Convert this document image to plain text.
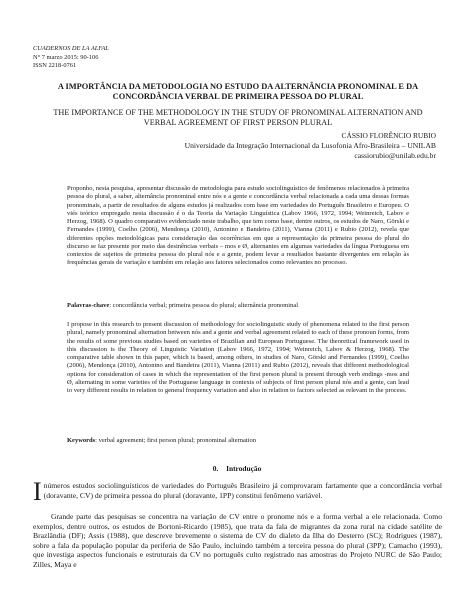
CUADERNOS DE LA ALFAL
N° 7 marzo 2015: 90-106
ISSN 2218-0761
A IMPORTÂNCIA DA METODOLOGIA NO ESTUDO DA ALTERNÂNCIA PRONOMINAL E DA CONCORDÂNCIA VERBAL DE PRIMEIRA PESSOA DO PLURAL
THE IMPORTANCE OF THE METHODOLOGY IN THE STUDY OF PRONOMINAL ALTERNATION AND VERBAL AGREEMENT OF FIRST PERSON PLURAL
CÁSSIO FLORÊNCIO RUBIO
Universidade da Integração Internacional da Lusofonia Afro-Brasileira – UNILAB
cassiorubio@unilab.edu.br
Proponho, nesta pesquisa, apresentar discussão de metodologia para estudo sociolinguístico de fenômenos relacionados à primeira pessoa do plural, a saber, alternância pronominal entre nós e a gente e concordância verbal relacionada a cada uma dessas formas pronominais, a partir de resultados de alguns estudos já realizados com base em variedades do Português Brasileiro e Europeu. O viés teórico empregado nesta discussão é o da Teoria da Variação Linguística (Labov 1966, 1972, 1994; Weinreich, Labov e Herzog, 1968). O quadro comparativo evidenciado neste trabalho, que tem como base, dentre outros, os estudos de Naro, Görski e Fernandes (1999), Coelho (2006), Mendonça (2010), Antonino e Bandeira (2011), Vianna (2011) e Rubio (2012), revela que diferentes opções metodológicas para consideração das ocorrências em que a representação da primeira pessoa do plural do discurso se faz presente por meio das desinências verbais – mos e Ø, alternantes em algumas variedades da língua Portuguesa em contextos de sujeitos de primeira pessoa do plural nós e a gente, podem levar a resultados bastante divergentes em relação às frequências gerais de variação e também em relação aos fatores selecionados como relevantes no processo.
Palavras-chave: concordância verbal; primeira pessoa do plural; alternância pronominal
I propose in this research to present discussion of methodology for sociolinguistic study of phenomena related to the first person plural, namely pronominal alternation between nós and a gente and verbal agreement related to each of these pronoun forms, from the results of some previous studies based on varieties of Brazilian and European Portuguese. The theoretical framework used in this discussion is the Theory of Linguistic Variation (Labov 1966, 1972, 1994; Weinreich, Labov & Herzog, 1968). The comparative table shown in this paper, which is based, among others, in studies of Naro, Görski and Fernandes (1999), Coelho (2006), Mendonça (2010), Antonino and Bandeira (2011), Vianna (2011) and Rubio (2012), reveals that different methodological options for consideration of cases in which the representation of the first person plural is present through verb endings -mos and Ø, alternating in some varieties of the Portuguese language in contexts of subjects of first person plural nós and a gente, can lead to very different results in relation to general frequency variation and also in relation to factors selected as relevant in the process.
Keywords: verbal agreement; first person plural; pronominal alternation
0. Introdução
Inúmeros estudos sociolinguísticos de variedades do Português Brasileiro já comprovaram fartamente que a concordância verbal (doravante, CV) de primeira pessoa do plural (doravante, 1PP) constitui fenômeno variável.
Grande parte das pesquisas se concentra na variação de CV entre o pronome nós e a forma verbal a ele relacionada. Como exemplos, dentre outros, os estudos de Bortoni-Ricardo (1985), que trata da fala de migrantes da zona rural na cidade satélite de Brazlândia (DF); Assis (1988), que descreve brevemente o sistema de CV do dialeto da Ilha do Desterro (SC); Rodrigues (1987), sobre a fala da população popular da periferia de São Paulo, incluindo também a terceira pessoa do plural (3PP); Camacho (1993), que investiga aspectos funcionais e estruturais da CV no português culto registrado nas amostras do Projeto NURC de São Paulo; Zilles, Maya e
